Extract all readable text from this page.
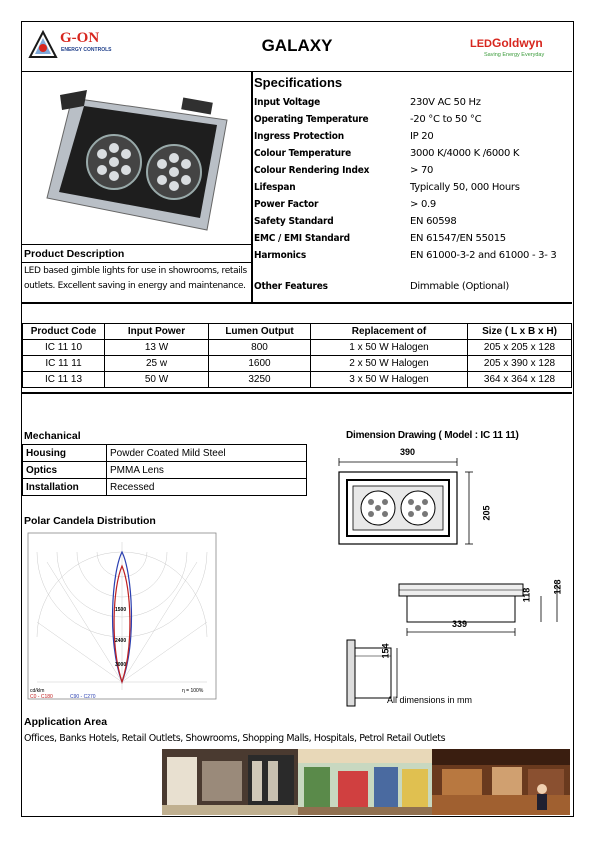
G-ON
ENERGY CONTROLS	GALAXY	LEDGoldwyn
Saving Energy Everyday
Product Description
LED based gimble lights for use in showrooms, retails outlets. Excellent saving in energy and maintenance.
Specifications
Input Voltage	230V AC 50 Hz
Operating Temperature	-20 °C to 50 °C
Ingress Protection	IP 20
Colour Temperature	3000 K/4000 K /6000 K
Colour Rendering Index	> 70
Lifespan	Typically 50, 000 Hours
Power Factor	> 0.9
Safety Standard	EN 60598
EMC / EMI Standard	EN 61547/EN 55015
Harmonics	EN 61000-3-2 and 61000 - 3- 3
Other Features	Dimmable (Optional)
Product Code	Input Power	Lumen Output	Replacement of	Size ( L x B x H)
IC 11 10	13 W	800	1 x 50 W Halogen	205 x 205 x 128
IC 11 11	25 w	1600	2 x 50 W Halogen	205 x 390 x 128
IC 11 13	50 W	3250	3 x 50 W Halogen	364 x 364 x 128
Mechanical
Housing	Powder Coated Mild Steel
Optics	PMMA Lens
Installation	Recessed
Dimension Drawing ( Model : IC 11 11)
390
205
118
128
339
154
All dimensions in mm
Polar Candela Distribution
1500
2400
3000
cd/klm
C0 - C180	C90 - C270
η = 100%
Application Area
Offices, Banks Hotels, Retail Outlets, Showrooms, Shopping Malls, Hospitals, Petrol Retail Outlets
